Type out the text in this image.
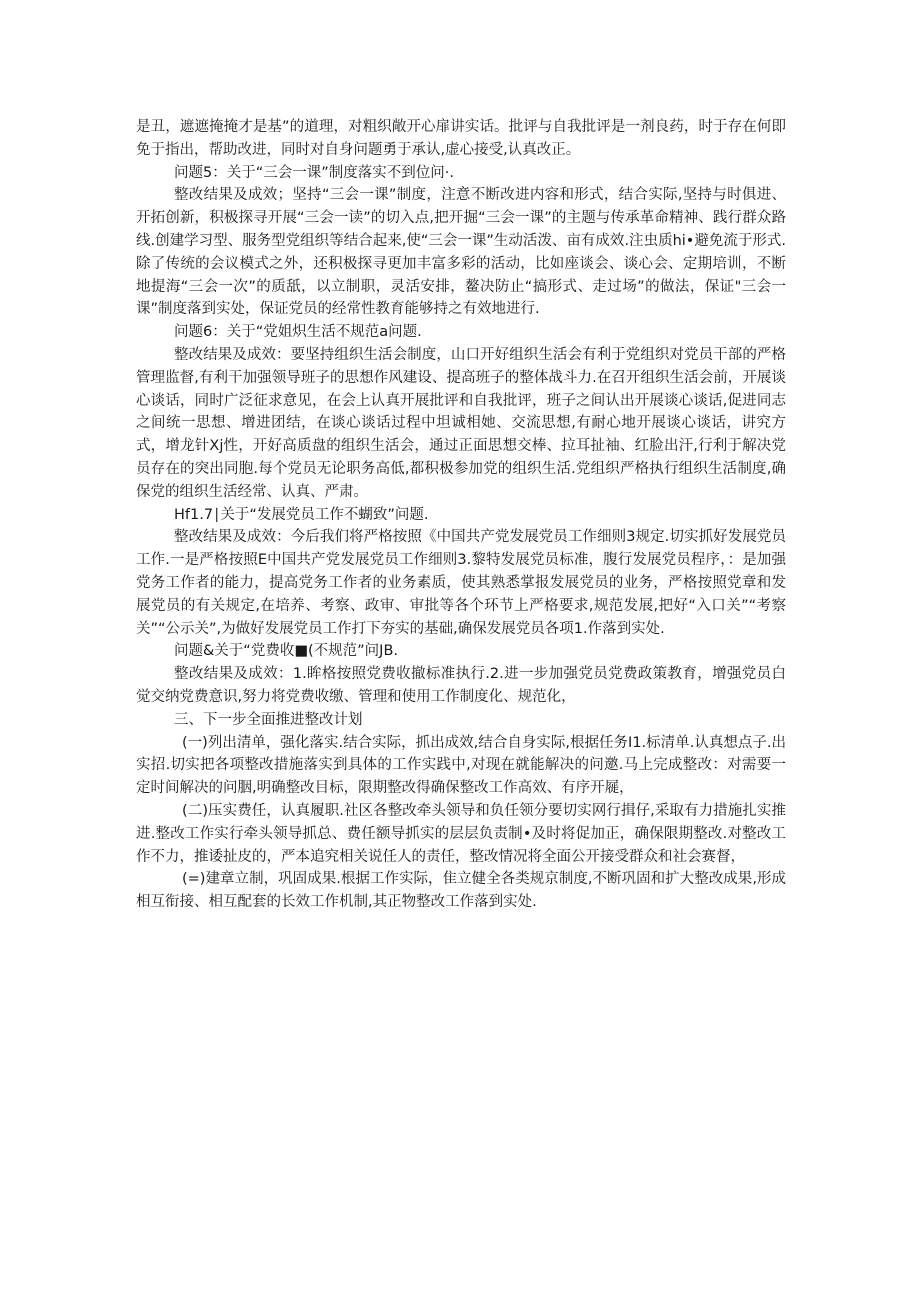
是丑，遮遮掩掩才是基”的道理，对粗织敞开心扉讲实话。批评与自我批评是一剂良药，时于存在何即免于指出，帮助改进，同时对自身问题勇于承认,虚心接受,认真改正。

问题5：关于“三会一课”制度落实不到位问·.

整改结果及成效；坚持“三会一课”制度，注意不断改进内容和形式，结合实际,坚持与时俱进、开拓创新，积极探寻开展“三会一读”的切入点,把开掘“三会一课”的主题与传承革命精神、践行群众路线.创建学习型、服务型党组织等结合起来,使“三会一课”生动活泼、亩有成效.注虫质hi•避免流于形式.除了传统的会议模式之外，还积极探寻更加丰富多彩的活动，比如座谈会、谈心会、定期培训，不断地提海“三会一次”的质舐，以立制职，灵活安排，鳌决防止“搞形式、走过场”的做法，保证"三会一课”制度落到实处，保证党员的经常性教育能够持之有效地进行.

问题6：关于“党姐炽生活不规范a问题.

整改结果及成效：要坚持组织生活会制度，山口开好组织生活会有利于党组织对党员干部的严格管理监督,有利干加强领导班子的思想作风建设、提高班子的整体战斗力.在召开组织生活会前，开展谈心谈话，同时广泛征求意见，在会上认真开展批评和自我批评，班子之间认出开展谈心谈话,促进同志之间统一思想、增进团结，在谈心谈话过程中坦诚相她、交流思想,有耐心地开展谈心谈话，讲究方式，增龙针Xj性，开好高质盘的组织生活会，通过正面思想交棒、拉耳扯袖、红脸出汗,行利于解决党员存在的突出同胞.每个党员无论职务高低,都积极参加党的组织生活.党组织严格执行组织生活制度,确保党的组织生活经常、认真、严肃。

Hf1.7∣关于“发展党员工作不蝴致”问题.

整改结果及成效：今后我们将严格按照《中国共产党发展党员工作细则3规定.切实抓好发展党员工作.一是严格按照E中国共产党发展党员工作细则3.黎特发展党员标准，腹行发展党员程序，：是加强党务工作者的能力，提高党务工作者的业务素质，使其熟悉掌报发展党员的业务，严格按照党章和发展党员的有关规定,在培养、考察、政审、审批等各个环节上严格要求,规范发展,把好“入口关”“考察关”“公示关”,为做好发展党员工作打下夯实的基础,确保发展党员各项1.作落到实处.

问题&关于“党费收■(不规范”问JB.

整改结果及成效：1.眸格按照党费收撤标准执行.2.进一步加强党员党费政策教育，增强党员白觉交纳党费意识,努力将党费收缴、管理和使用工作制度化、规范化，

三、下一步全面推进整改计划

(一)列出清单，强化落实.结合实际，抓出成效,结合自身实际,根据任务I1.标清单.认真想点子.出实招.切实把各项整改措施落实到具体的工作实践中,对现在就能解决的问邀.马上完成整改：对需要一定时间解决的问胭,明确整改目标，限期整改得确保整改工作高效、有序开屣，

(二)压实费任，认真履职.社区各整改牵头领导和负任领分要切实网行揖仔,采取有力措施扎实推进.整改工作实行牵头领导抓总、费任额导抓实的层层负责制•及时将促加正，确保限期整改.对整改工作不力，推诿扯皮的，严本追究相关说任人的责任，整改情况将全面公开接受群众和社会赛督，

(=)建章立制，巩固成果.根据工作实际，隹立健全各类规京制度,不断巩固和扩大整改成果,形成相互衔接、相互配套的长效工作机制,其正物整改工作落到实处.
